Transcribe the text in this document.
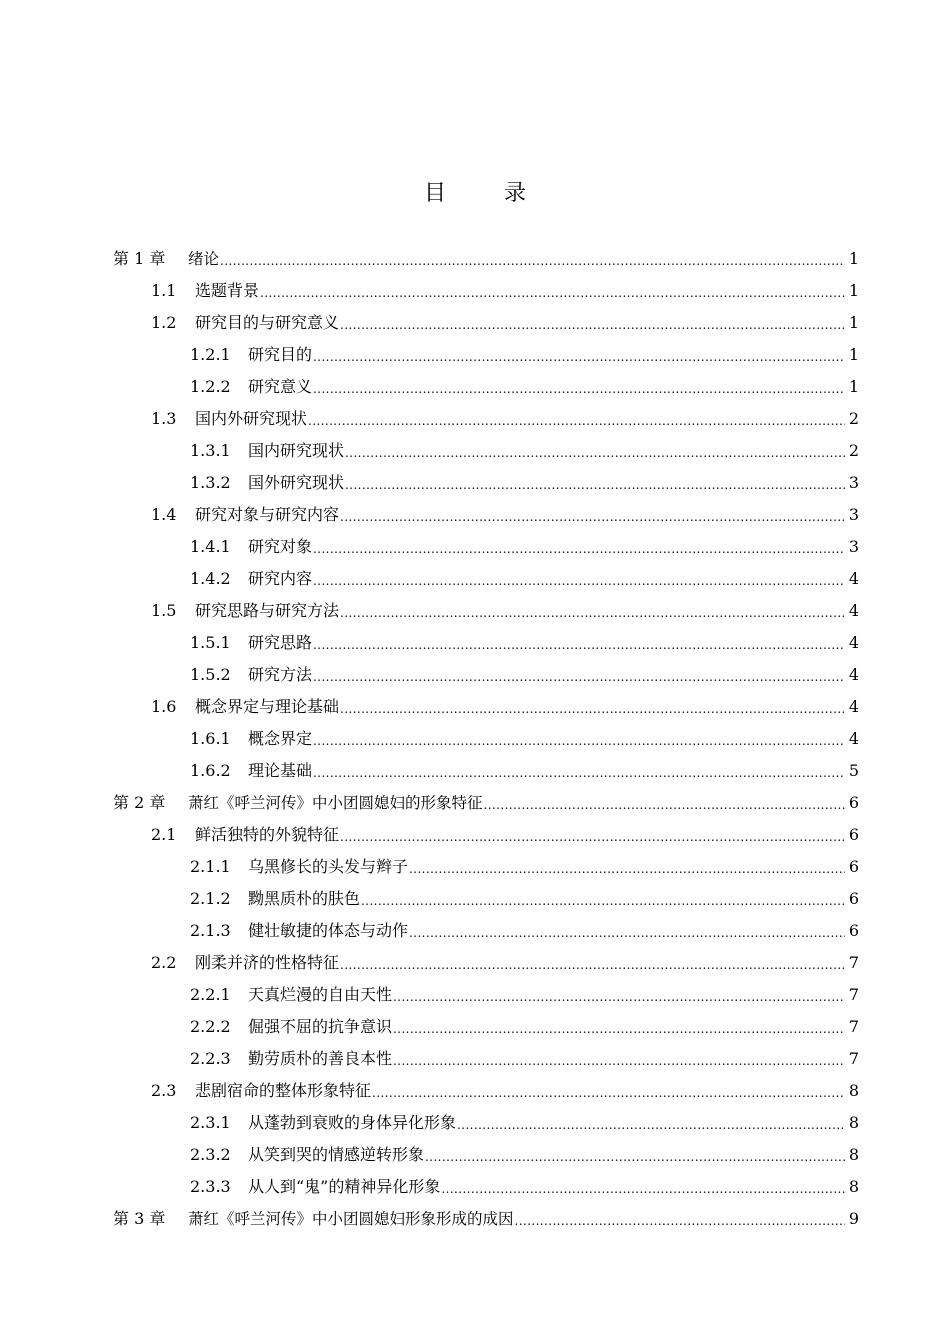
目　录
第 1 章	绪论 .....	1
1.1	选题背景 .....	1
1.2	研究目的与研究意义 .....	1
1.2.1	研究目的 .....	1
1.2.2	研究意义 .....	1
1.3	国内外研究现状 .....	2
1.3.1	国内研究现状 .....	2
1.3.2	国外研究现状 .....	3
1.4	研究对象与研究内容 .....	3
1.4.1	研究对象 .....	3
1.4.2	研究内容 .....	4
1.5	研究思路与研究方法 .....	4
1.5.1	研究思路 .....	4
1.5.2	研究方法 .....	4
1.6	概念界定与理论基础 .....	4
1.6.1	概念界定 .....	4
1.6.2	理论基础 .....	5
第 2 章	萧红《呼兰河传》中小团圆媳妇的形象特征 .....	6
2.1	鲜活独特的外貌特征 .....	6
2.1.1	乌黑修长的头发与辫子 .....	6
2.1.2	黝黑质朴的肤色 .....	6
2.1.3	健壮敏捷的体态与动作 .....	6
2.2	刚柔并济的性格特征 .....	7
2.2.1	天真烂漫的自由天性 .....	7
2.2.2	倔强不屈的抗争意识 .....	7
2.2.3	勤劳质朴的善良本性 .....	7
2.3	悲剧宿命的整体形象特征 .....	8
2.3.1	从蓬勃到衰败的身体异化形象 .....	8
2.3.2	从笑到哭的情感逆转形象 .....	8
2.3.3	从人到“鬼”的精神异化形象 .....	8
第 3 章	萧红《呼兰河传》中小团圆媳妇形象形成的成因 .....	9
